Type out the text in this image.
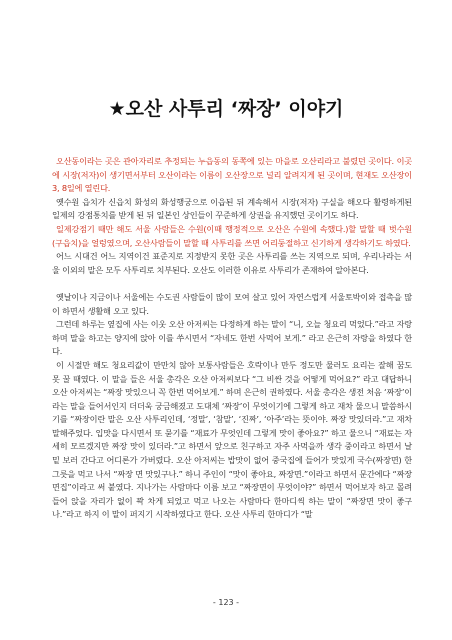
★오산 사투리 ‘짜장’ 이야기

오산동이라는 곳은 관아자리로 추정되는 누읍동의 동쪽에 있는 마을로 오산리라고 불렸던 곳이다. 이곳에 시장(저자)이 생기면서부터 오산이라는 이름이 오산장으로 널리 알려지게 된 곳이며, 현재도 오산장이 3, 8일에 열린다.

옛수원 읍치가 신읍치 화성의 화성행궁으로 이읍된 뒤 계속해서 시장(저자) 구실을 해오다 활령하게된 일제의 강점통치를 받게 된 뒤 일본인 상인들이 꾸준하게 상권을 유지했던 곳이기도 하다.

일제강점기 때만 해도 서울 사람들은 수원(이때 행정적으로 오산은 수원에 속했다.)할 말할 때 벗수원(구읍치)을 얼렁였으며, 오산사람들이 말할 때 사투리를 쓰면 어리둥절하고 신기하게 생각하기도 하였다.

어느 시대건 어느 지역이건 표준지로 지정받지 못한 곳은 사투리를 쓰는 지역으로 되며, 우리나라는 서울 이외의 말은 모두 사투리로 치부된다. 오산도 이러한 이유로 사투리가 존재하여 알아본다.

옛날이나 지금이나 서울에는 수도권 사람들이 많이 모여 살고 있어 자연스럽게 서울토박이와 접촉을 많이 하면서 생활해 오고 있다.

그런데 하루는 옆집에 사는 이웃 오산 아저씨는 다정하게 하는 말이 “니, 오늘 청요리 먹었다.”라고 자랑하며 말을 하고는 양지에 앉아 이를 쑤시면서 “자네도 한번 사먹어 보게.” 라고 은근히 자랑을 하였다 한다.

이 시절만 해도 청요리값이 만만치 않아 보통사람들은 호락이나 만두 정도만 물러도 요리는 잘해 꿈도 못 꿀 때였다. 이 말을 들은 서울 총각은 오산 아저씨보다 “그 비싼 것을 어떻게 먹어요?” 라고 대답하니 오산 아저씨는 “짜장 맛있으니 꼭 한번 먹어보게.” 하며 은근히 권하였다. 서울 총각은 생전 처음 ‘짜장’이라는 말을 들어서인지 더더욱 궁금해졌고 도대체 ‘짜장’이 무엇이기에 그렇게 하고 재차 물으니 말씀하시기를 “짜장이란 말은 오산 사투리인데, ‘정말’, ‘참말’, ‘진짜’, ‘아주’라는 뜻이야. 짜장 맛있더라.”고 재차 말해주었다. 입맛을 다시면서 또 묻기를 “재료가 무엇인데 그렇게 맛이 좋아요?” 하고 물으니 “재료는 자세히 모르겠지만 짜장 맛이 있더라.”고 하면서 앞으로 친구하고 자주 사먹을까 생각 중이라고 하면서 날밑 보러 간다고 어디론가 가버렸다. 오산 아저씨는 밥맛이 없어 중국집에 들어가 맛있게 국수(짜장면) 한 그릇을 먹고 나서 “짜장 면 맛있구나.” 하니 주인이 “맛이 좋아요, 짜장면.”이라고 하면서 문간에다 “짜장면집”이라고 써 붙였다. 지나가는 사람마다 이름 보고 “짜장면이 무엇이야?” 하면서 먹어보자 하고 몰려들어 앉을 자리가 없이 꽉 차게 되었고 먹고 나오는 사람마다 한마디씩 하는 말이 “짜장면 맛이 좋구나.”라고 하지 이 말이 퍼지기 시작하였다고 한다. 오산 사투리 한마디가 “말

- 123 -
